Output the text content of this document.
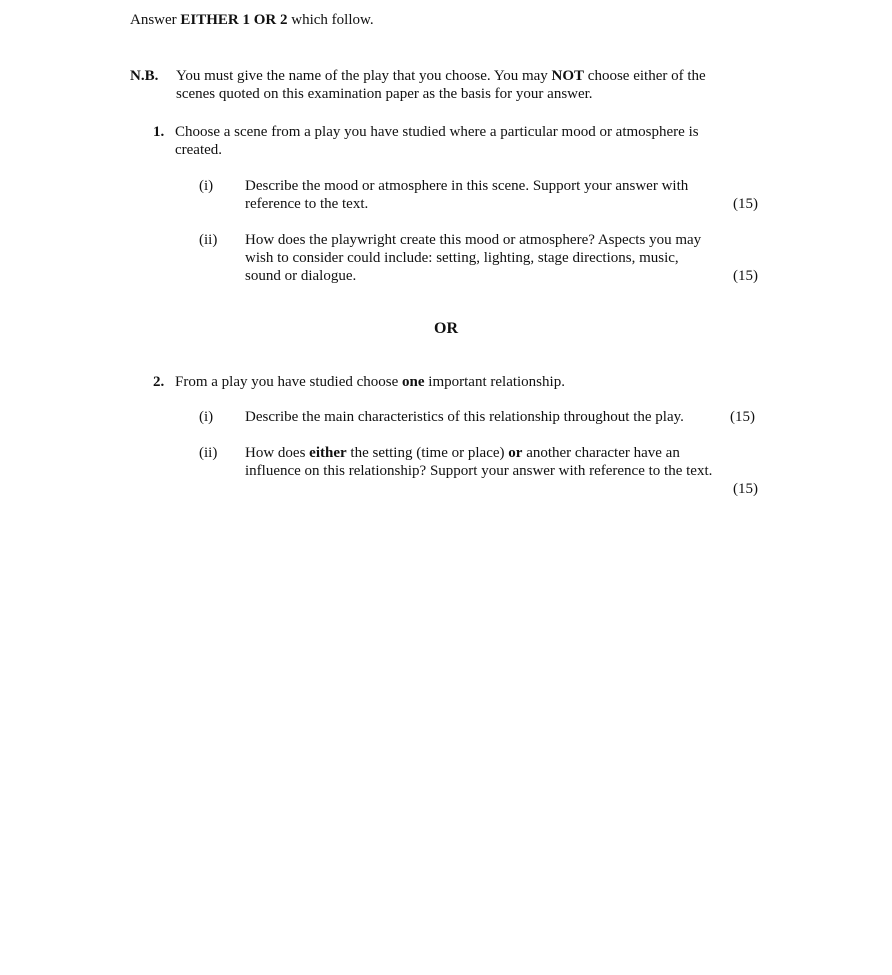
Answer EITHER 1 OR 2 which follow.
N.B. You must give the name of the play that you choose. You may NOT choose either of the
scenes quoted on this examination paper as the basis for your answer.
1. Choose a scene from a play you have studied where a particular mood or atmosphere is
created.
(i) Describe the mood or atmosphere in this scene. Support your answer with
reference to the text.	(15)
(ii) How does the playwright create this mood or atmosphere? Aspects you may
wish to consider could include: setting, lighting, stage directions, music,
sound or dialogue.	(15)
OR
2. From a play you have studied choose one important relationship.
(i) Describe the main characteristics of this relationship throughout the play.	(15)
(ii) How does either the setting (time or place) or another character have an
influence on this relationship? Support your answer with reference to the text.
(15)
